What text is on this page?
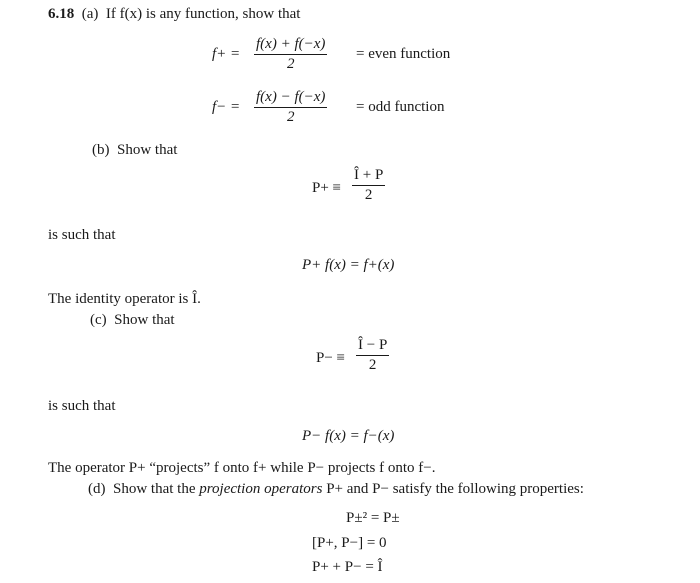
6.18 (a) If f(x) is any function, show that
f+ =
f(x) + f(−x)
2
= even function
f− =
f(x) − f(−x)
2
= odd function
(b) Show that
P+ ≡
Î + P
2
is such that
P+ f(x) = f+(x)
The identity operator is Î.
(c) Show that
P− ≡
Î − P
2
is such that
P− f(x) = f−(x)
The operator P+ “projects” f onto f+ while P− projects f onto f−.
(d) Show that the projection operators P+ and P− satisfy the following properties:
P±² = P±
[P+, P−] = 0
P+ + P− = Î
